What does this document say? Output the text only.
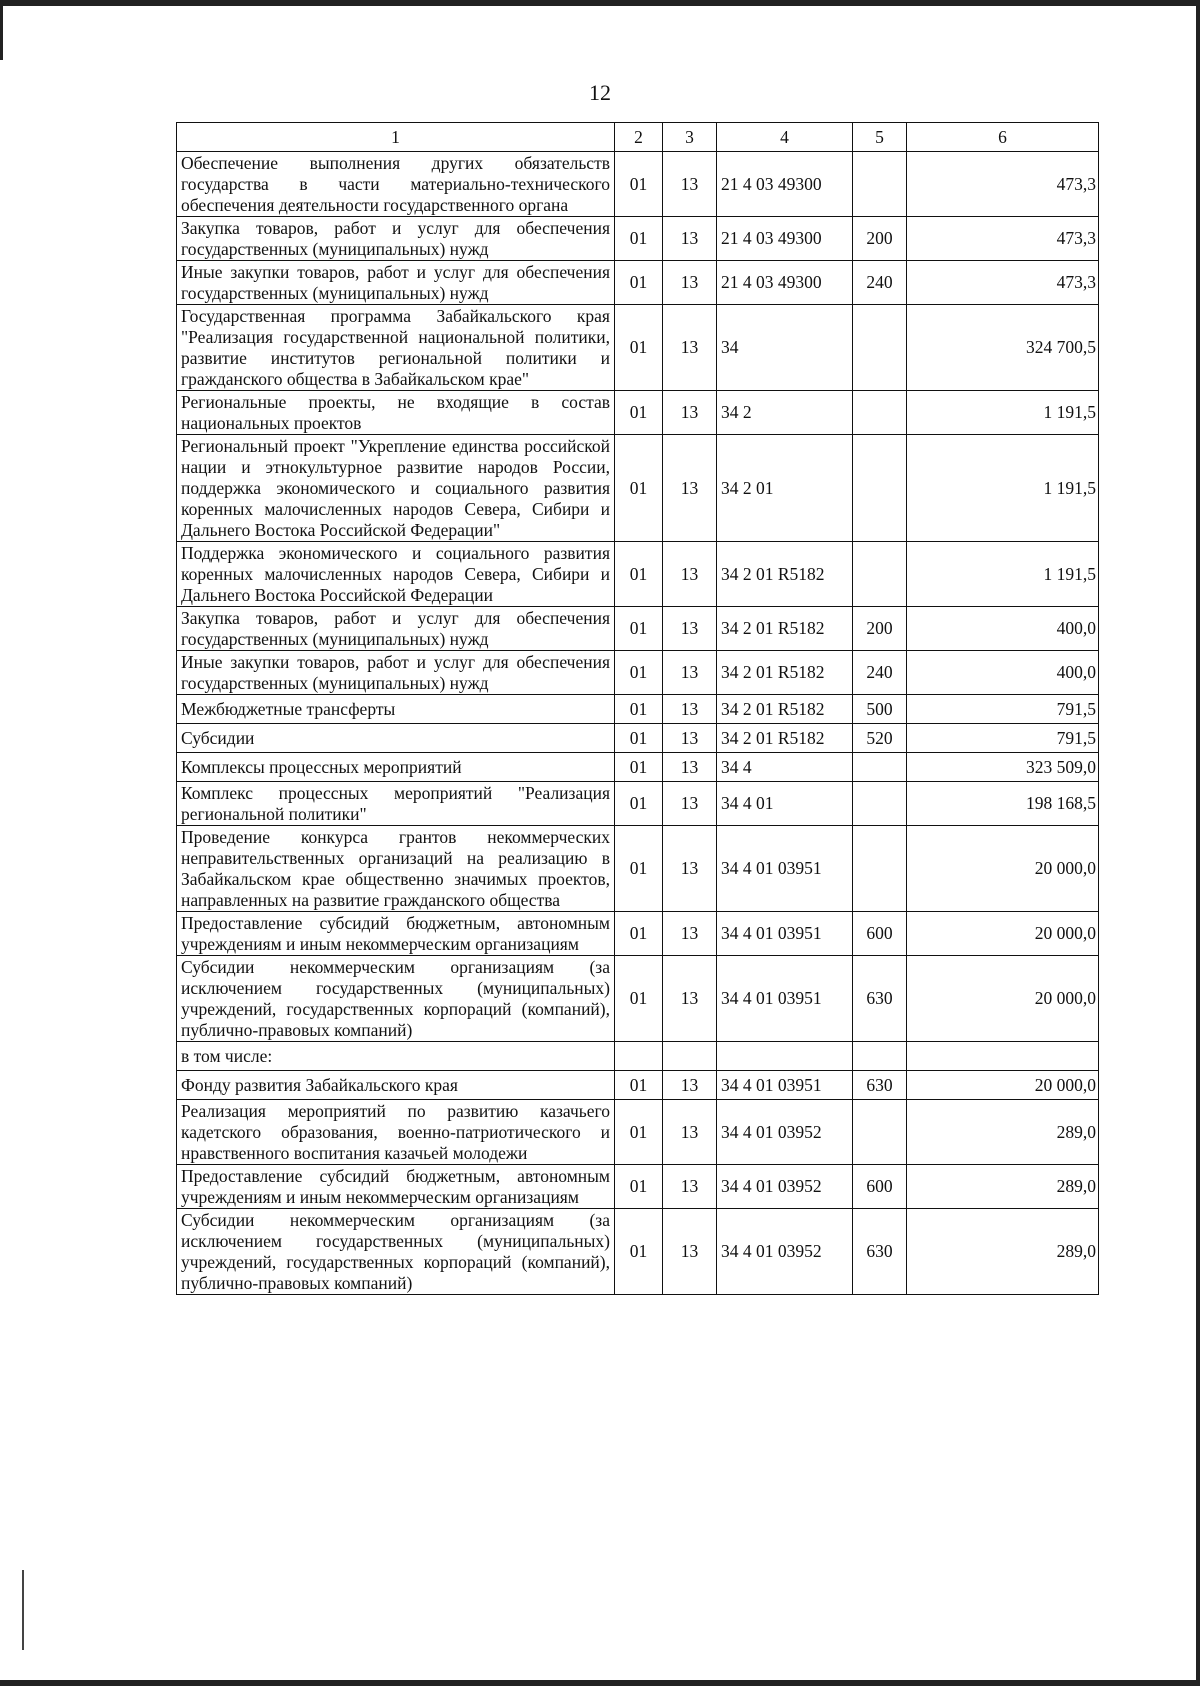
12
1	2	3	4	5	6
Обеспечение выполнения других обязательств государства в части материально-технического обеспечения деятельности государственного органа	01	13	21 4 03 49300		473,3
Закупка товаров, работ и услуг для обеспечения государственных (муниципальных) нужд	01	13	21 4 03 49300	200	473,3
Иные закупки товаров, работ и услуг для обеспечения государственных (муниципальных) нужд	01	13	21 4 03 49300	240	473,3
Государственная программа Забайкальского края "Реализация государственной национальной политики, развитие институтов региональной политики и гражданского общества в Забайкальском крае"	01	13	34		324 700,5
Региональные проекты, не входящие в состав национальных проектов	01	13	34 2		1 191,5
Региональный проект "Укрепление единства российской нации и этнокультурное развитие народов России, поддержка экономического и социального развития коренных малочисленных народов Севера, Сибири и Дальнего Востока Российской Федерации"	01	13	34 2 01		1 191,5
Поддержка экономического и социального развития коренных малочисленных народов Севера, Сибири и Дальнего Востока Российской Федерации	01	13	34 2 01 R5182		1 191,5
Закупка товаров, работ и услуг для обеспечения государственных (муниципальных) нужд	01	13	34 2 01 R5182	200	400,0
Иные закупки товаров, работ и услуг для обеспечения государственных (муниципальных) нужд	01	13	34 2 01 R5182	240	400,0
Межбюджетные трансферты	01	13	34 2 01 R5182	500	791,5
Субсидии	01	13	34 2 01 R5182	520	791,5
Комплексы процессных мероприятий	01	13	34 4		323 509,0
Комплекс процессных мероприятий "Реализация региональной политики"	01	13	34 4 01		198 168,5
Проведение конкурса грантов некоммерческих неправительственных организаций на реализацию в Забайкальском крае общественно значимых проектов, направленных на развитие гражданского общества	01	13	34 4 01 03951		20 000,0
Предоставление субсидий бюджетным, автономным учреждениям и иным некоммерческим организациям	01	13	34 4 01 03951	600	20 000,0
Субсидии некоммерческим организациям (за исключением государственных (муниципальных) учреждений, государственных корпораций (компаний), публично-правовых компаний)	01	13	34 4 01 03951	630	20 000,0
в том числе:					
Фонду развития Забайкальского края	01	13	34 4 01 03951	630	20 000,0
Реализация мероприятий по развитию казачьего кадетского образования, военно-патриотического и нравственного воспитания казачьей молодежи	01	13	34 4 01 03952		289,0
Предоставление субсидий бюджетным, автономным учреждениям и иным некоммерческим организациям	01	13	34 4 01 03952	600	289,0
Субсидии некоммерческим организациям (за исключением государственных (муниципальных) учреждений, государственных корпораций (компаний), публично-правовых компаний)	01	13	34 4 01 03952	630	289,0
